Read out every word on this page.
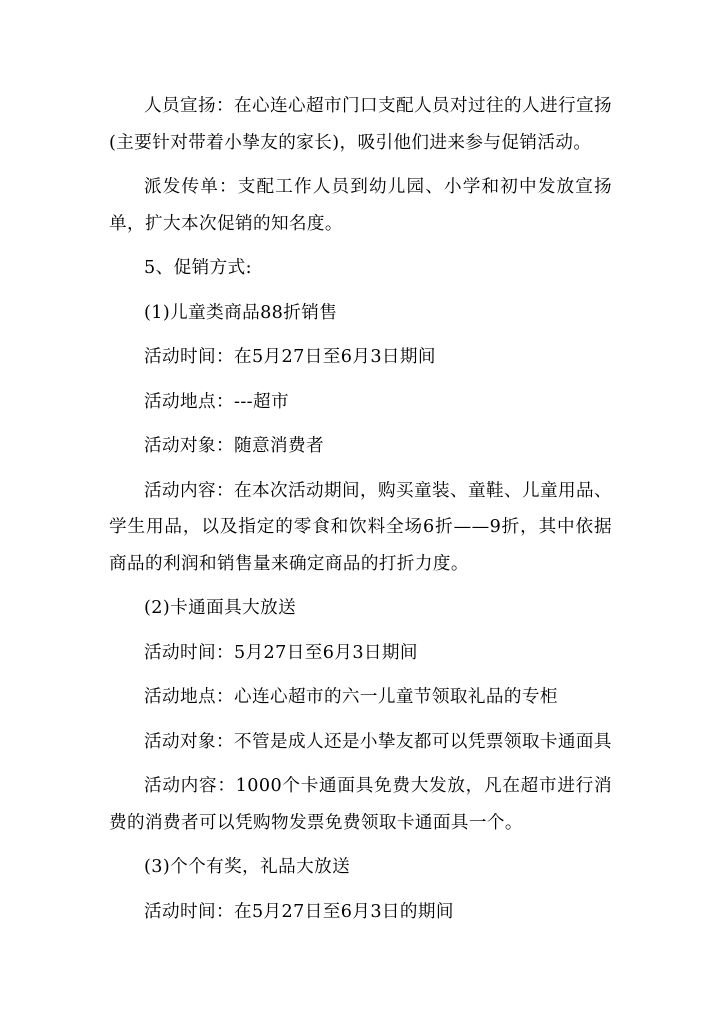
人员宣扬：在心连心超市门口支配人员对过往的人进行宣扬(主要针对带着小挚友的家长)，吸引他们进来参与促销活动。

派发传单：支配工作人员到幼儿园、小学和初中发放宣扬单，扩大本次促销的知名度。

5、促销方式:

(1)儿童类商品88折销售

活动时间：在5月27日至6月3日期间

活动地点：---超市

活动对象：随意消费者

活动内容：在本次活动期间，购买童装、童鞋、儿童用品、学生用品，以及指定的零食和饮料全场6折——9折，其中依据商品的利润和销售量来确定商品的打折力度。

(2)卡通面具大放送

活动时间：5月27日至6月3日期间

活动地点：心连心超市的六一儿童节领取礼品的专柜

活动对象：不管是成人还是小挚友都可以凭票领取卡通面具

活动内容：1000个卡通面具免费大发放，凡在超市进行消费的消费者可以凭购物发票免费领取卡通面具一个。

(3)个个有奖，礼品大放送

活动时间：在5月27日至6月3日的期间
